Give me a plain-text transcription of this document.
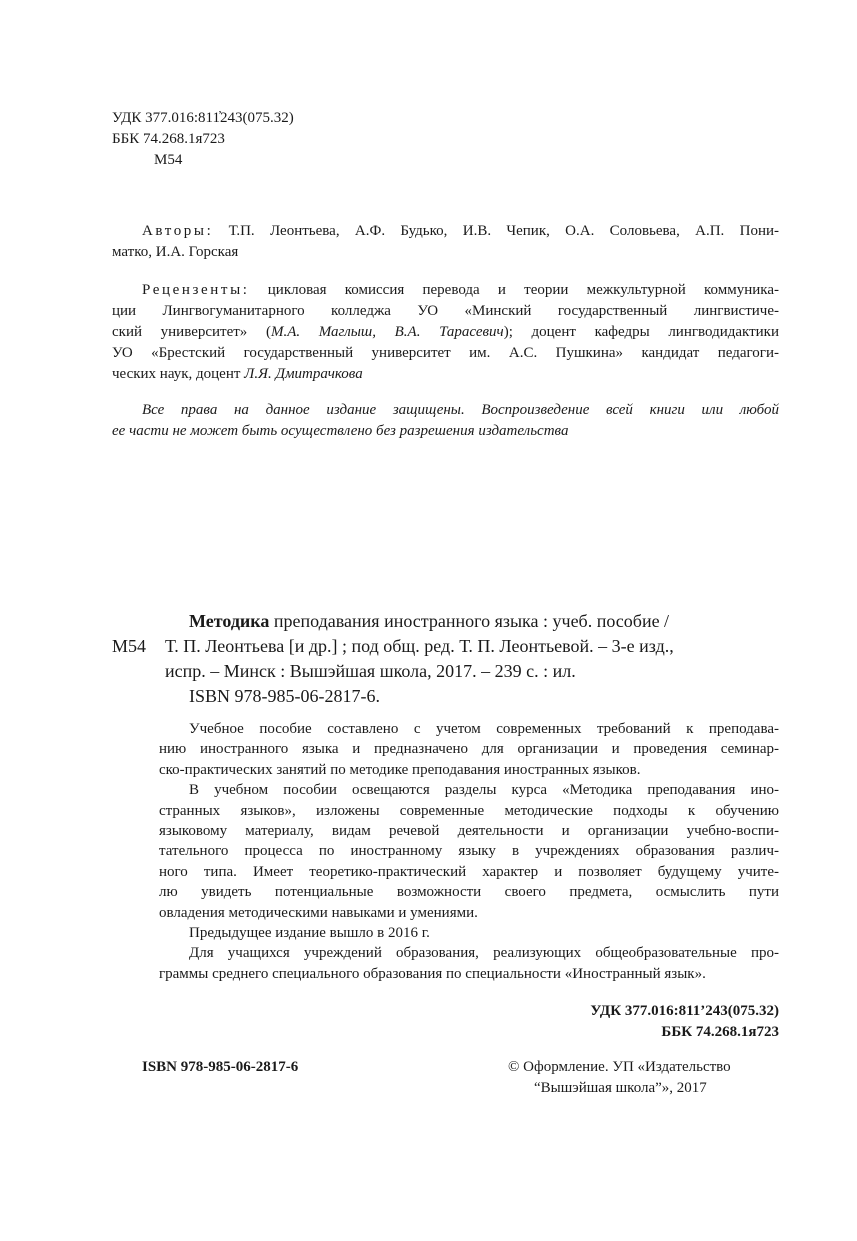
УДК 377.016:811̓243(075.32)
ББК 74.268.1я723
М54
Авторы: Т.П. Леонтьева, А.Ф. Будько, И.В. Чепик, О.А. Соловьева, А.П. Пони-
матко, И.А. Горская
Рецензенты: цикловая комиссия перевода и теории межкультурной коммуника-
ции Лингвогуманитарного колледжа УО «Минский государственный лингвистиче-
ский университет» (М.А. Маглыш, В.А. Тарасевич); доцент кафедры лингводидактики
УО «Брестский государственный университет им. А.С. Пушкина» кандидат педагоги-
ческих наук, доцент Л.Я. Дмитрачкова
Все права на данное издание защищены. Воспроизведение всей книги или любой
ее части не может быть осуществлено без разрешения издательства
Методика преподавания иностранного языка : учеб. пособие /
М54 Т. П. Леонтьева [и др.] ; под общ. ред. Т. П. Леонтьевой. – 3-е изд.,
испр. – Минск : Вышэйшая школа, 2017. – 239 с. : ил.
ISBN 978-985-06-2817-6.
Учебное пособие составлено с учетом современных требований к преподава-
нию иностранного языка и предназначено для организации и проведения семинар-
ско-практических занятий по методике преподавания иностранных языков.
В учебном пособии освещаются разделы курса «Методика преподавания ино-
странных языков», изложены современные методические подходы к обучению
языковому материалу, видам речевой деятельности и организации учебно-воспи-
тательного процесса по иностранному языку в учреждениях образования различ-
ного типа. Имеет теоретико-практический характер и позволяет будущему учите-
лю увидеть потенциальные возможности своего предмета, осмыслить пути
овладения методическими навыками и умениями.
Предыдущее издание вышло в 2016 г.
Для учащихся учреждений образования, реализующих общеобразовательные про-
граммы среднего специального образования по специальности «Иностранный язык».
УДК 377.016:811’243(075.32)
ББК 74.268.1я723
ISBN 978-985-06-2817-6	© Оформление. УП «Издательство
“Вышэйшая школа”», 2017
